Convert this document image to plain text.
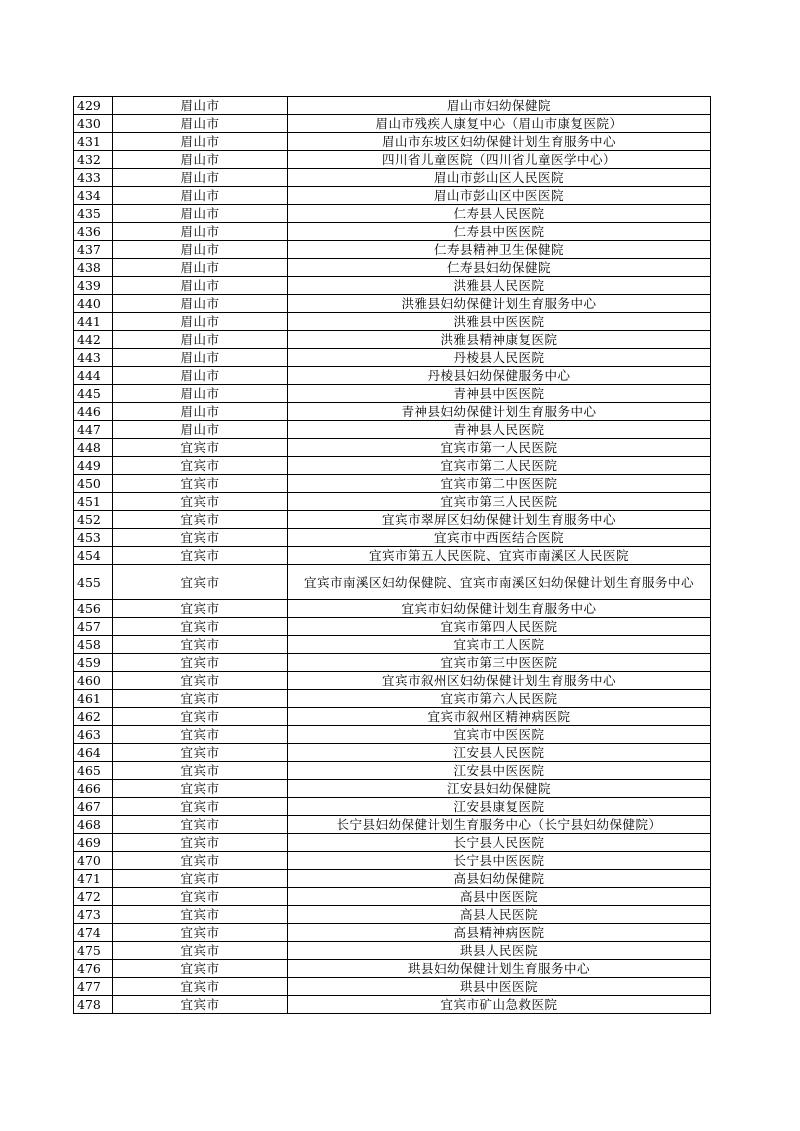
429	眉山市	眉山市妇幼保健院
430	眉山市	眉山市残疾人康复中心（眉山市康复医院）
431	眉山市	眉山市东坡区妇幼保健计划生育服务中心
432	眉山市	四川省儿童医院（四川省儿童医学中心）
433	眉山市	眉山市彭山区人民医院
434	眉山市	眉山市彭山区中医医院
435	眉山市	仁寿县人民医院
436	眉山市	仁寿县中医医院
437	眉山市	仁寿县精神卫生保健院
438	眉山市	仁寿县妇幼保健院
439	眉山市	洪雅县人民医院
440	眉山市	洪雅县妇幼保健计划生育服务中心
441	眉山市	洪雅县中医医院
442	眉山市	洪雅县精神康复医院
443	眉山市	丹棱县人民医院
444	眉山市	丹棱县妇幼保健服务中心
445	眉山市	青神县中医医院
446	眉山市	青神县妇幼保健计划生育服务中心
447	眉山市	青神县人民医院
448	宜宾市	宜宾市第一人民医院
449	宜宾市	宜宾市第二人民医院
450	宜宾市	宜宾市第二中医医院
451	宜宾市	宜宾市第三人民医院
452	宜宾市	宜宾市翠屏区妇幼保健计划生育服务中心
453	宜宾市	宜宾市中西医结合医院
454	宜宾市	宜宾市第五人民医院、宜宾市南溪区人民医院
455	宜宾市	宜宾市南溪区妇幼保健院、宜宾市南溪区妇幼保健计划生育服务中心
456	宜宾市	宜宾市妇幼保健计划生育服务中心
457	宜宾市	宜宾市第四人民医院
458	宜宾市	宜宾市工人医院
459	宜宾市	宜宾市第三中医医院
460	宜宾市	宜宾市叙州区妇幼保健计划生育服务中心
461	宜宾市	宜宾市第六人民医院
462	宜宾市	宜宾市叙州区精神病医院
463	宜宾市	宜宾市中医医院
464	宜宾市	江安县人民医院
465	宜宾市	江安县中医医院
466	宜宾市	江安县妇幼保健院
467	宜宾市	江安县康复医院
468	宜宾市	长宁县妇幼保健计划生育服务中心（长宁县妇幼保健院）
469	宜宾市	长宁县人民医院
470	宜宾市	长宁县中医医院
471	宜宾市	高县妇幼保健院
472	宜宾市	高县中医医院
473	宜宾市	高县人民医院
474	宜宾市	高县精神病医院
475	宜宾市	珙县人民医院
476	宜宾市	珙县妇幼保健计划生育服务中心
477	宜宾市	珙县中医医院
478	宜宾市	宜宾市矿山急救医院
